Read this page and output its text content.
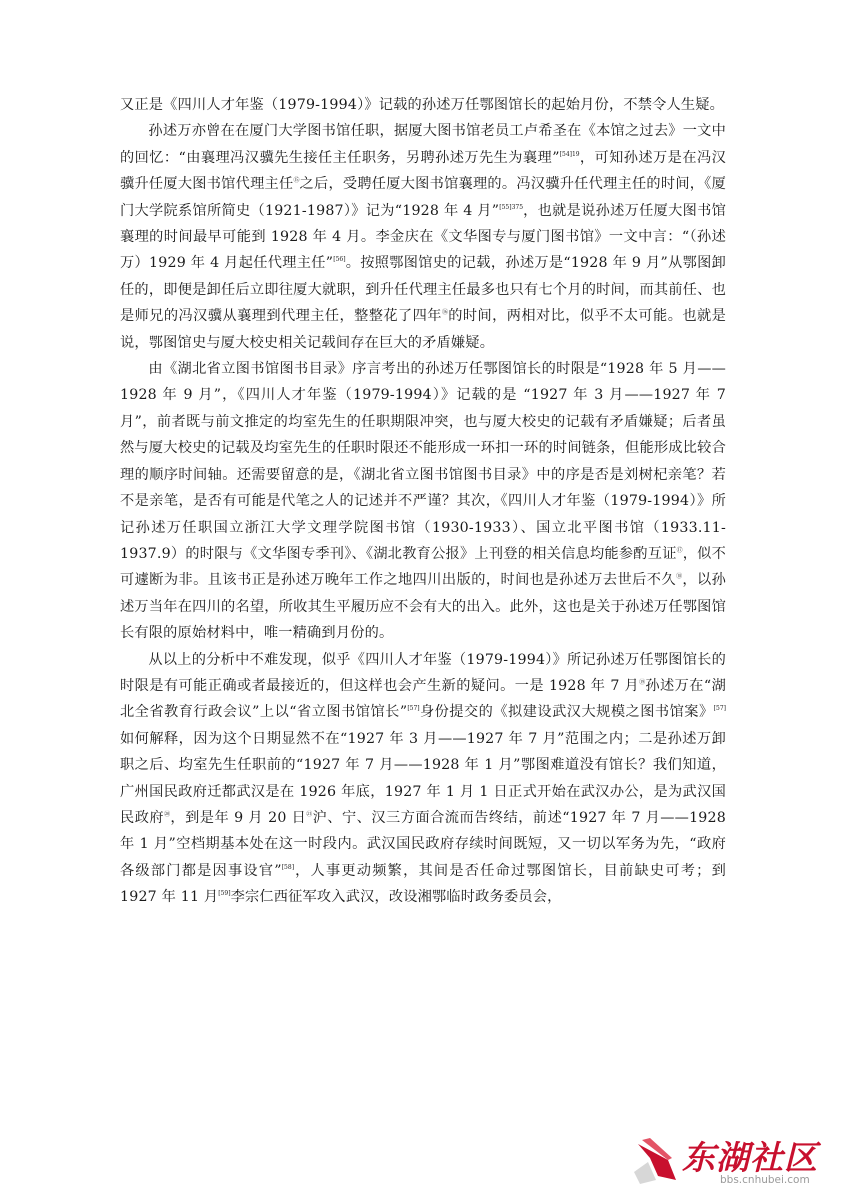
又正是《四川人才年鉴（1979-1994）》记载的孙述万任鄂图馆长的起始月份，不禁令人生疑。

孙述万亦曾在在厦门大学图书馆任职，据厦大图书馆老员工卢希圣在《本馆之过去》一文中的回忆：“由襄理冯汉骥先生接任主任职务，另聘孙述万先生为襄理”$^{[54]19}$，可知孙述万是在冯汉骥升任厦大图书馆代理主任⑮之后，受聘任厦大图书馆襄理的。冯汉骥升任代理主任的时间，《厦门大学院系馆所简史（1921-1987）》记为“1928 年 4 月”$^{[55]375}$，也就是说孙述万任厦大图书馆襄理的时间最早可能到 1928 年 4 月。李金庆在《文华图专与厦门图书馆》一文中言：“（孙述万）1929 年 4 月起任代理主任”[56]。按照鄂图馆史的记载，孙述万是“1928 年 9 月”从鄂图卸任的，即便是卸任后立即往厦大就职，到升任代理主任最多也只有七个月的时间，而其前任、也是师兄的冯汉骥从襄理到代理主任，整整花了四年⑯的时间，两相对比，似乎不太可能。也就是说，鄂图馆史与厦大校史相关记载间存在巨大的矛盾嫌疑。

由《湖北省立图书馆图书目录》序言考出的孙述万任鄂图馆长的时限是“1928 年 5 月——1928 年 9 月”，《四川人才年鉴（1979-1994）》记载的是 “1927 年 3 月——1927 年 7 月”，前者既与前文推定的均室先生的任职期限冲突，也与厦大校史的记载有矛盾嫌疑；后者虽然与厦大校史的记载及均室先生的任职时限还不能形成一环扣一环的时间链条，但能形成比较合理的顺序时间轴。还需要留意的是，《湖北省立图书馆图书目录》中的序是否是刘树杞亲笔？若不是亲笔，是否有可能是代笔之人的记述并不严谨？其次，《四川人才年鉴（1979-1994）》所记孙述万任职国立浙江大学文理学院图书馆（1930-1933）、国立北平图书馆（1933.11-1937.9）的时限与《文华图专季刊》、《湖北教育公报》上刊登的相关信息均能参酌互证⑰，似不可遽断为非。且该书正是孙述万晚年工作之地四川出版的，时间也是孙述万去世后不久⑱，以孙述万当年在四川的名望，所收其生平履历应不会有大的出入。此外，这也是关于孙述万任鄂图馆长有限的原始材料中，唯一精确到月份的。

从以上的分析中不难发现，似乎《四川人才年鉴（1979-1994）》所记孙述万任鄂图馆长的时限是有可能正确或者最接近的，但这样也会产生新的疑问。一是 1928 年 7 月⑲孙述万在“湖北全省教育行政会议”上以“省立图书馆馆长”[57]身份提交的《拟建设武汉大规模之图书馆案》[57]如何解释，因为这个日期显然不在“1927 年 3 月——1927 年 7 月”范围之内；二是孙述万卸职之后、均室先生任职前的“1927 年 7 月——1928 年 1 月”鄂图难道没有馆长？我们知道，广州国民政府迁都武汉是在 1926 年底，1927 年 1 月 1 日正式开始在武汉办公，是为武汉国民政府⑳，到是年 9 月 20 日$^㉑$沪、宁、汉三方面合流而告终结，前述“1927 年 7 月——1928 年 1 月”空档期基本处在这一时段内。武汉国民政府存续时间既短，又一切以军务为先，“政府各级部门都是因事设官”[58]，人事更动频繁，其间是否任命过鄂图馆长，目前缺史可考；到 1927 年 11 月[59]李宗仁西征军攻入武汉，改设湘鄂临时政务委员会，

东湖社区
bbs.cnhubei.com
